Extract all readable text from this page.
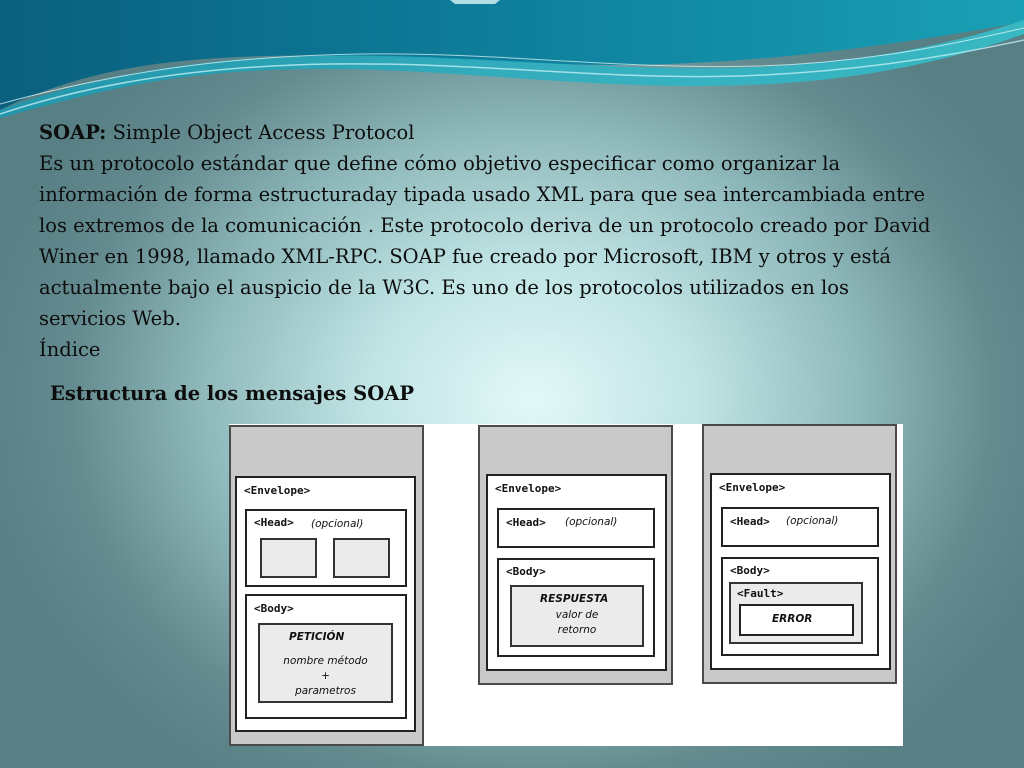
SOAP: Simple Object Access Protocol

Es un protocolo estándar que define cómo objetivo especificar como organizar la información de forma estructuraday tipada usado XML para que sea intercambiada entre los extremos de la comunicación . Este protocolo deriva de un protocolo creado por David Winer en 1998, llamado XML-RPC. SOAP fue creado por Microsoft, IBM y otros y está actualmente bajo el auspicio de la W3C. Es uno de los protocolos utilizados en los servicios Web.

Índice

Estructura de los mensajes SOAP
<Envelope>
<Head> (opcional)
<Body>
PETICIÓN
nombre método
+
parametros
<Envelope>
<Head> (opcional)
<Body>
RESPUESTA
valor de
retorno
<Envelope>
<Head> (opcional)
<Body>
<Fault>
ERROR
